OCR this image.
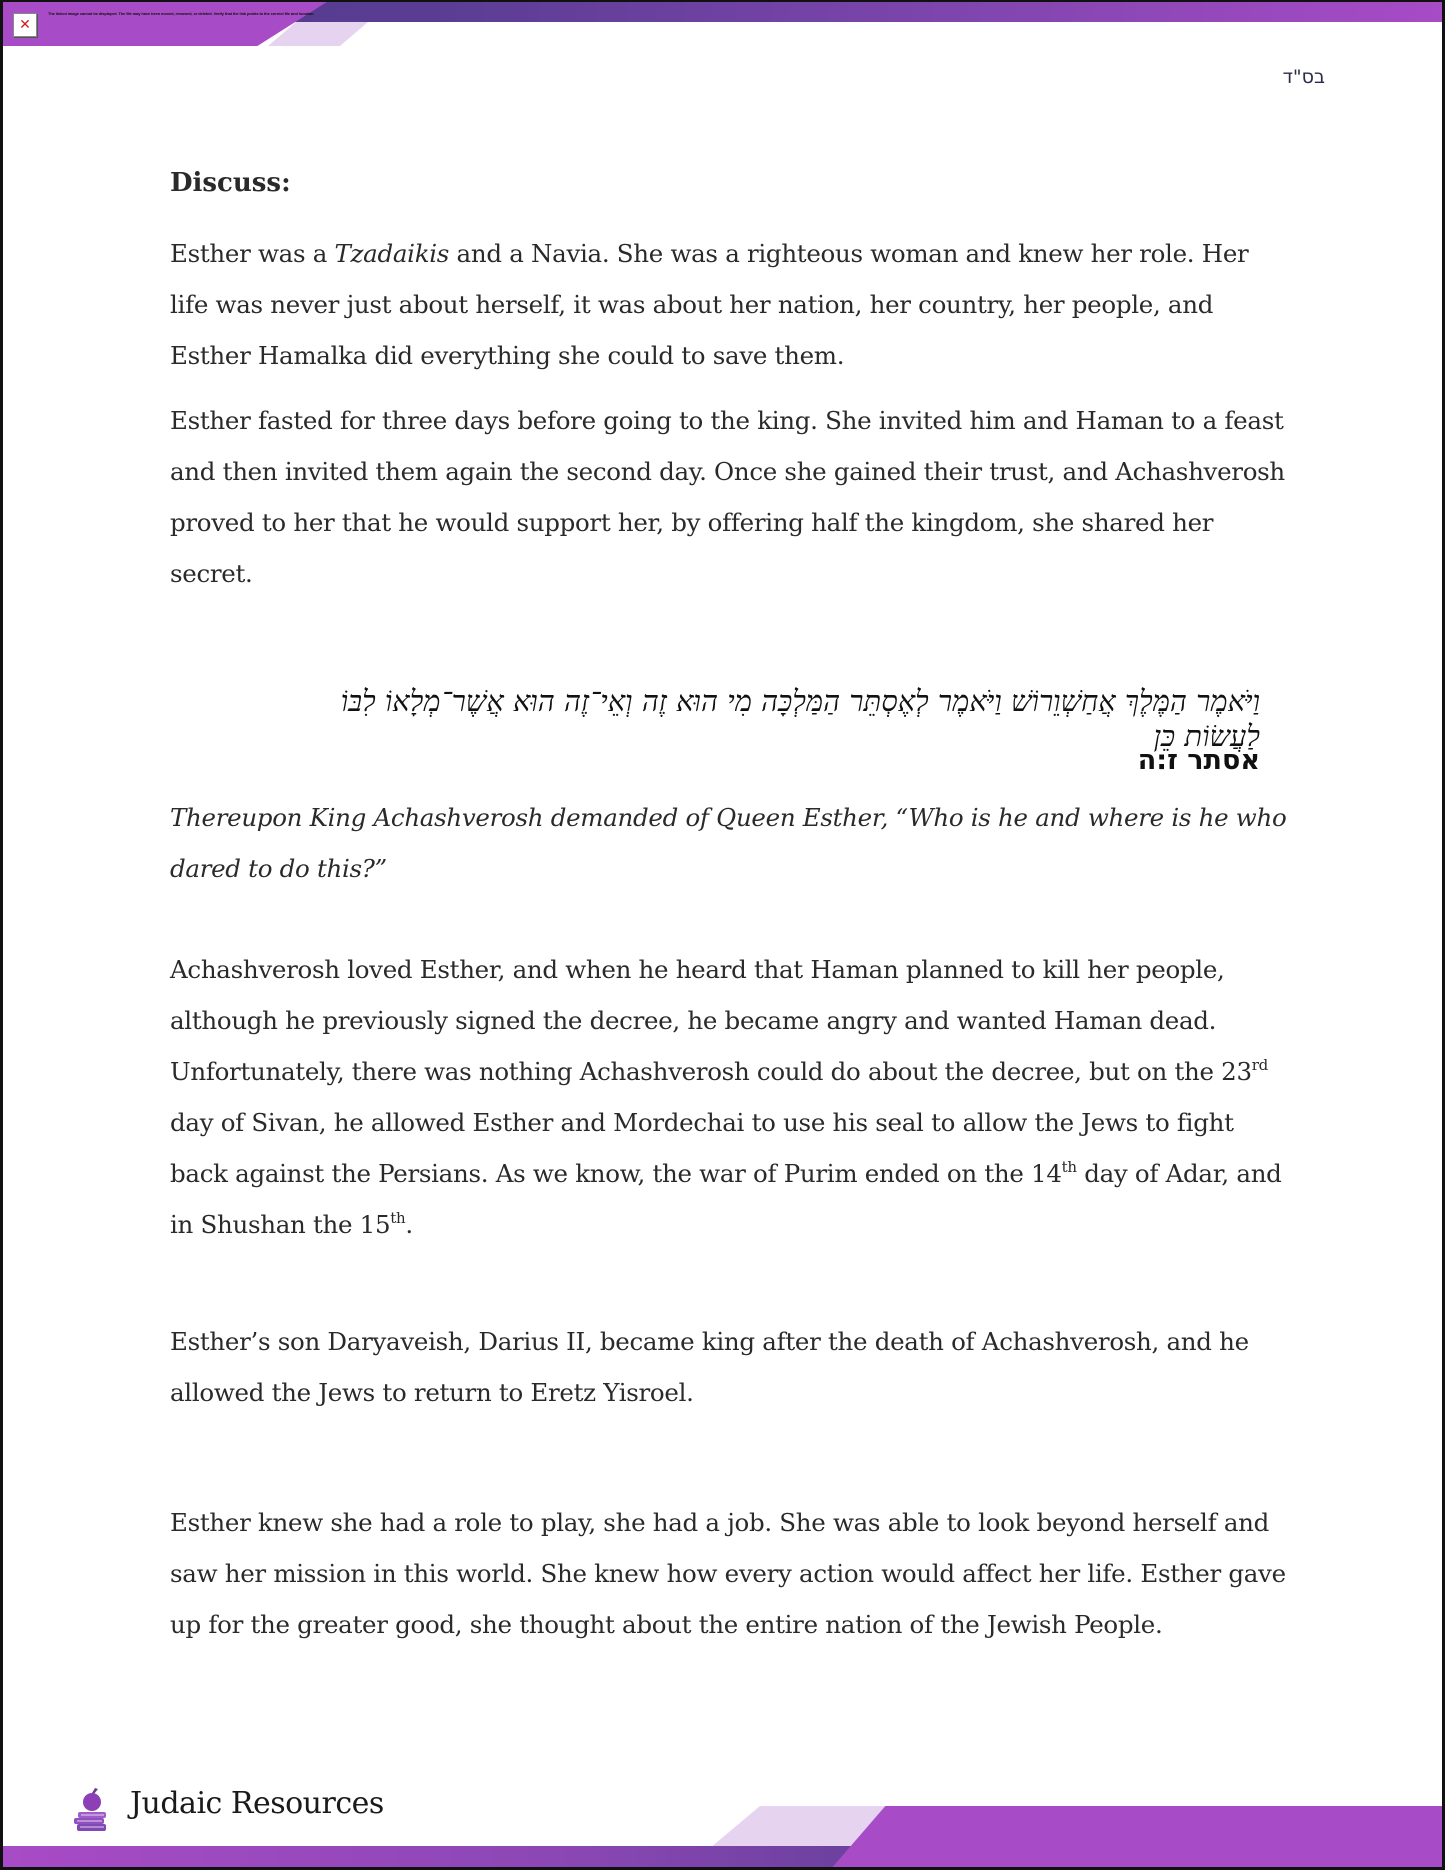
✕
The linked image cannot be displayed. The file may have been moved, renamed, or deleted. Verify that the link points to the correct file and location.
בס"ד
Discuss:

Esther was a Tzadaikis and a Navia. She was a righteous woman and knew her role. Her life was never just about herself, it was about her nation, her country, her people, and Esther Hamalka did everything she could to save them.

Esther fasted for three days before going to the king. She invited him and Haman to a feast and then invited them again the second day. Once she gained their trust, and Achashverosh proved to her that he would support her, by offering half the kingdom, she shared her secret.

וַיֹּאמֶר הַמֶּלֶךְ אֲחַשְׁוֵרוֹשׁ וַיֹּאמֶר לְאֶסְתֵּר הַמַּלְכָּה מִי הוּא זֶה וְאֵי־זֶה הוּא אֲשֶׁר־מְלָאוֹ לִבּוֹ לַעֲשׂוֹת כֵּן
אסתר ז:ה

Thereupon King Achashverosh demanded of Queen Esther, “Who is he and where is he who dared to do this?”

Achashverosh loved Esther, and when he heard that Haman planned to kill her people, although he previously signed the decree, he became angry and wanted Haman dead. Unfortunately, there was nothing Achashverosh could do about the decree, but on the 23rd day of Sivan, he allowed Esther and Mordechai to use his seal to allow the Jews to fight back against the Persians. As we know, the war of Purim ended on the 14th day of Adar, and in Shushan the 15th.

Esther’s son Daryaveish, Darius II, became king after the death of Achashverosh, and he allowed the Jews to return to Eretz Yisroel.

Esther knew she had a role to play, she had a job. She was able to look beyond herself and saw her mission in this world. She knew how every action would affect her life. Esther gave up for the greater good, she thought about the entire nation of the Jewish People.

Judaic Resources
